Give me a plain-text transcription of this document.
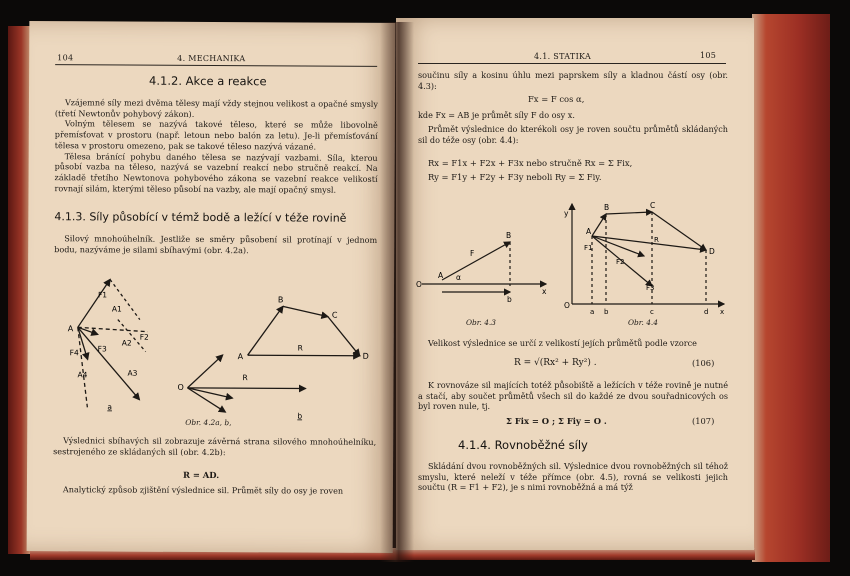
104	4. MECHANIKA
4.1.2. Akce a reakce

Vzájemné síly mezi dvěma tělesy mají vždy stejnou velikost a opačné smysly (třetí Newtonův pohybový zákon).

Volným tělesem se nazývá takové těleso, které se může libovolně přemísťovat v prostoru (např. letoun nebo balón za letu). Je-li přemísťování tělesa v prostoru omezeno, pak se takové těleso nazývá vázané.

Tělesa bránící pohybu daného tělesa se nazývají vazbami. Síla, kterou působí vazba na těleso, nazývá se vazební reakcí nebo stručně reakcí. Na základě třetího Newtonova pohybového zákona se vazební reakce velikostí rovnají silám, kterými těleso působí na vazby, ale mají opačný smysl.

4.1.3. Síly působící v témž bodě a ležící v téže rovině

Silový mnohoúhelník. Jestliže se směry působení sil protínají v jednom bodu, nazýváme je silami sbíhavými (obr. 4.2a).

A
A1
A2
A3
A4
F1
F2
F3
F4
a
O
R
A
B
C
D
R
b
Obr. 4.2a, b,

Výslednici sbíhavých sil zobrazuje závěrná strana silového mnohoúhelníku, sestrojeného ze skládaných sil (obr. 4.2b):

R = AD.

Analytický způsob zjištění výslednice sil. Průmět síly do osy je roven

4.1. STATIKA	105

součinu síly a kosinu úhlu mezi paprskem síly a kladnou částí osy (obr. 4.3):

Fx = F cos α,

kde Fx = AB je průmět síly F do osy x.

Průmět výslednice do kterékoli osy je roven součtu průmětů skládaných sil do téže osy (obr. 4.4):

Rx = F1x + F2x + F3x nebo stručně Rx = Σ Fix,
Ry = F1y + F2y + F3y neboli Ry = Σ Fiy.
O
A
B
F
α
b
x
y
O
A
B	C
D
F1
F2
F3
R
a b	c	d x
Obr. 4.3	Obr. 4.4

Velikost výslednice se určí z velikostí jejích průmětů podle vzorce

R = √(Rx² + Ry²) .	(106)

K rovnováze sil majících totéž působiště a ležících v téže rovině je nutné a stačí, aby součet průmětů všech sil do každé ze dvou souřadnicových os byl roven nule, tj.

Σ Fix = O ; Σ Fiy = O .	(107)
4.1.4. Rovnoběžné síly

Skládání dvou rovnoběžných sil. Výslednice dvou rovnoběžných sil téhož smyslu, které neleží v téže přímce (obr. 4.5), rovná se velikosti jejich součtu (R = F1 + F2), je s nimi rovnoběžná a má týž
